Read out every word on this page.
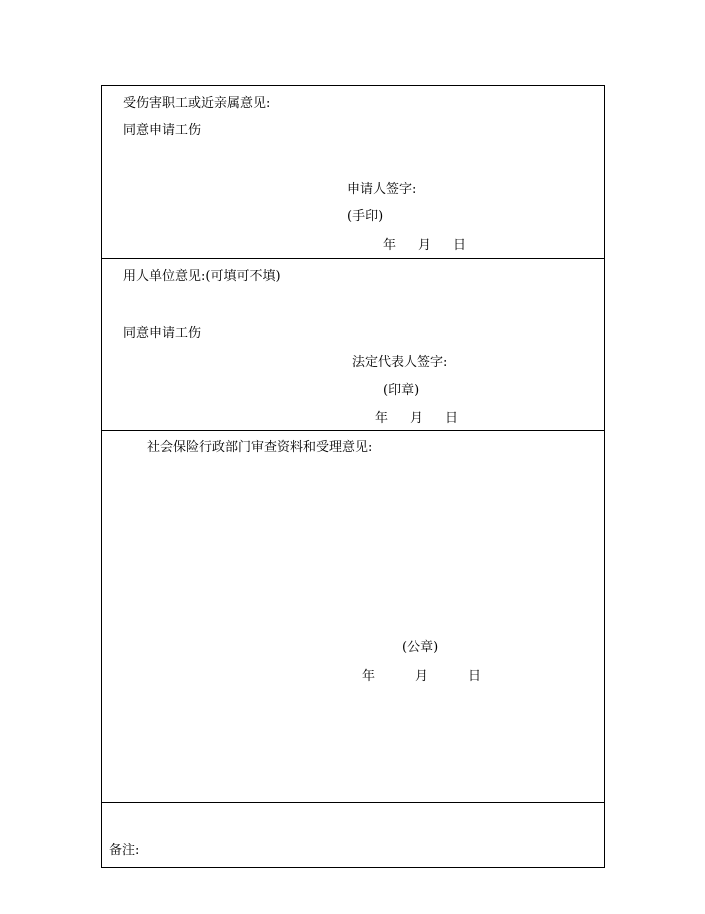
受伤害职工或近亲属意见:
同意申请工伤
申请人签字:
(手印)
年 月 日
用人单位意见:(可填可不填)
同意申请工伤
法定代表人签字:
(印章)
年 月 日
社会保险行政部门审查资料和受理意见:
(公章)
年	月	日
备注:
